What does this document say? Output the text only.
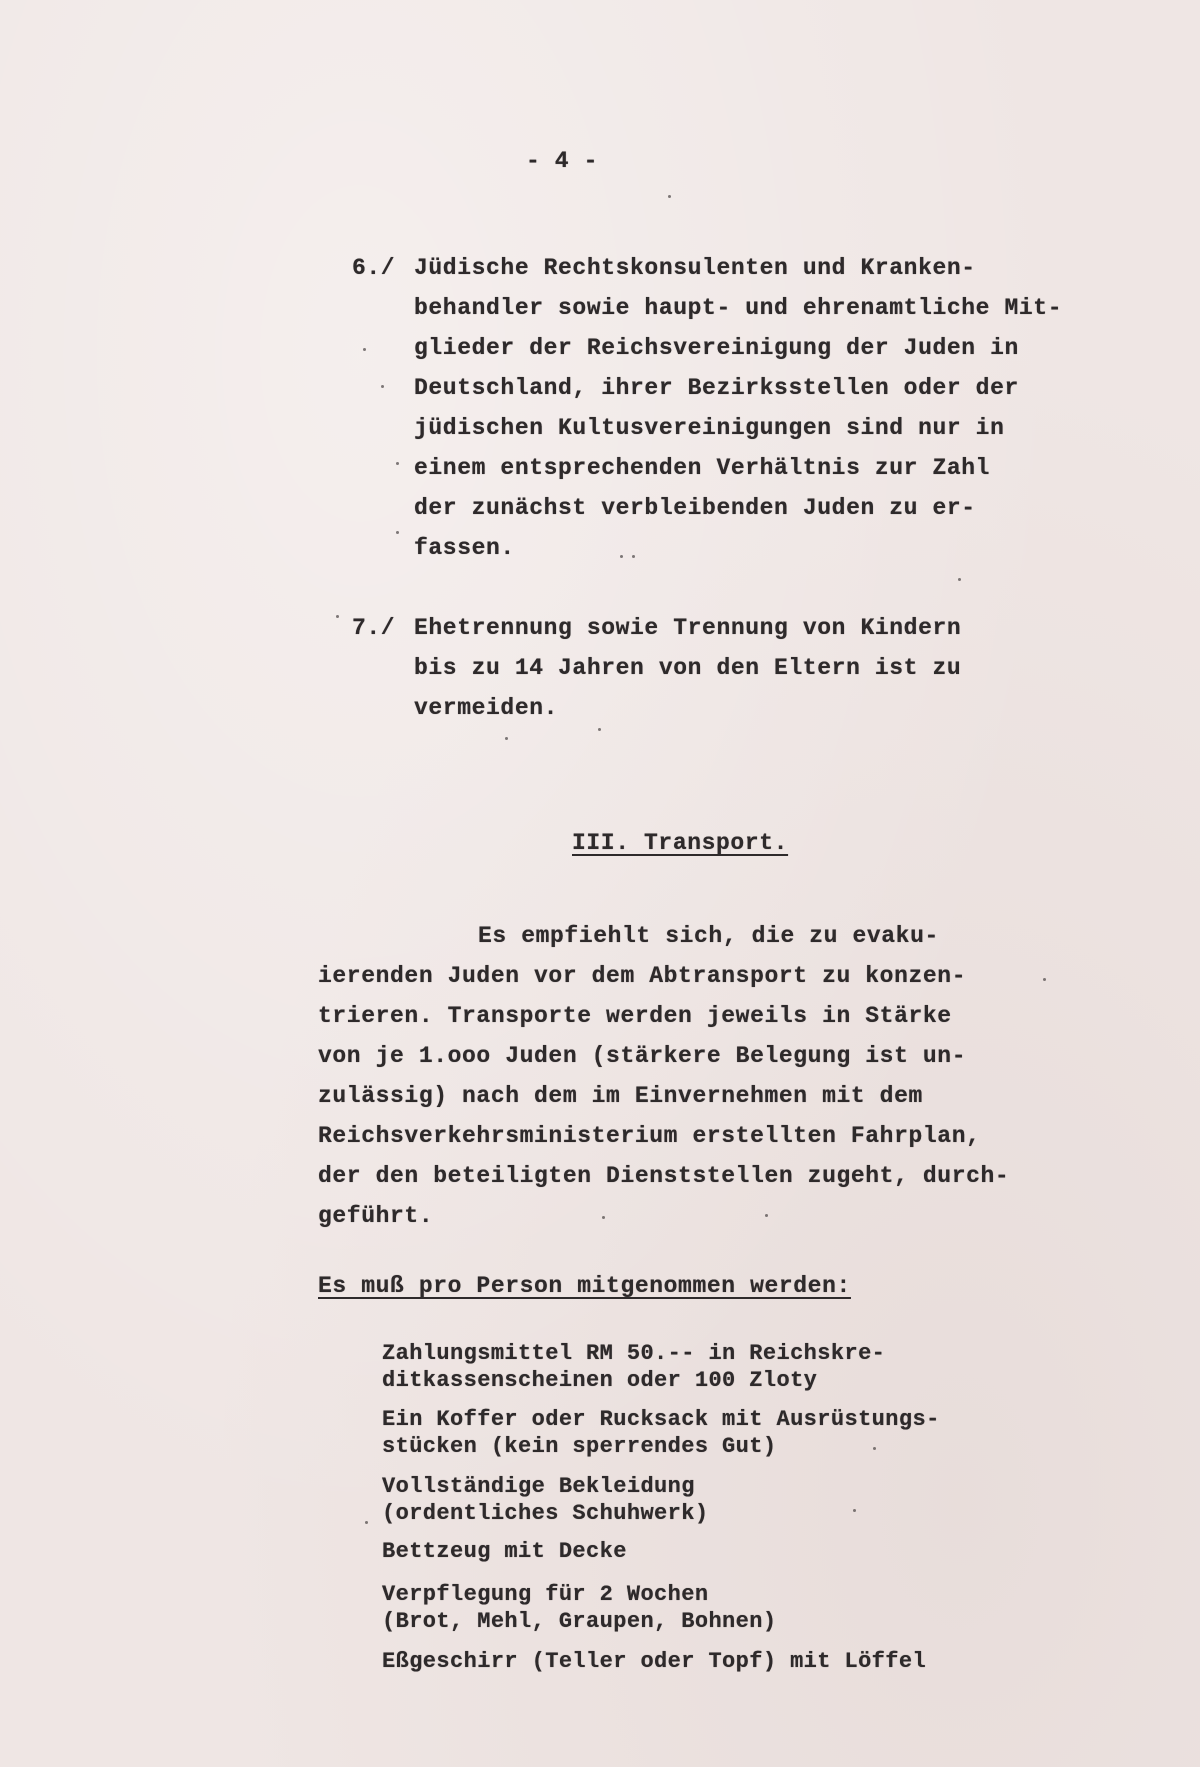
- 4 -
6./ Jüdische Rechtskonsulenten und Kranken-
behandler sowie haupt- und ehrenamtliche Mit-
glieder der Reichsvereinigung der Juden in
Deutschland, ihrer Bezirksstellen oder der
jüdischen Kultusvereinigungen sind nur in
einem entsprechenden Verhältnis zur Zahl
der zunächst verbleibenden Juden zu er-
fassen.
7./ Ehetrennung sowie Trennung von Kindern
bis zu 14 Jahren von den Eltern ist zu
vermeiden.
III. Transport.
Es empfiehlt sich, die zu evaku-
ierenden Juden vor dem Abtransport zu konzen-
trieren. Transporte werden jeweils in Stärke
von je 1.ooo Juden (stärkere Belegung ist un-
zulässig) nach dem im Einvernehmen mit dem
Reichsverkehrsministerium erstellten Fahrplan,
der den beteiligten Dienststellen zugeht, durch-
geführt.
Es muß pro Person mitgenommen werden:
Zahlungsmittel RM 50.-- in Reichskre-
ditkassenscheinen oder 100 Zloty
Ein Koffer oder Rucksack mit Ausrüstungs-
stücken (kein sperrendes Gut)
Vollständige Bekleidung
(ordentliches Schuhwerk)
Bettzeug mit Decke
Verpflegung für 2 Wochen
(Brot, Mehl, Graupen, Bohnen)
Eßgeschirr (Teller oder Topf) mit Löffel
